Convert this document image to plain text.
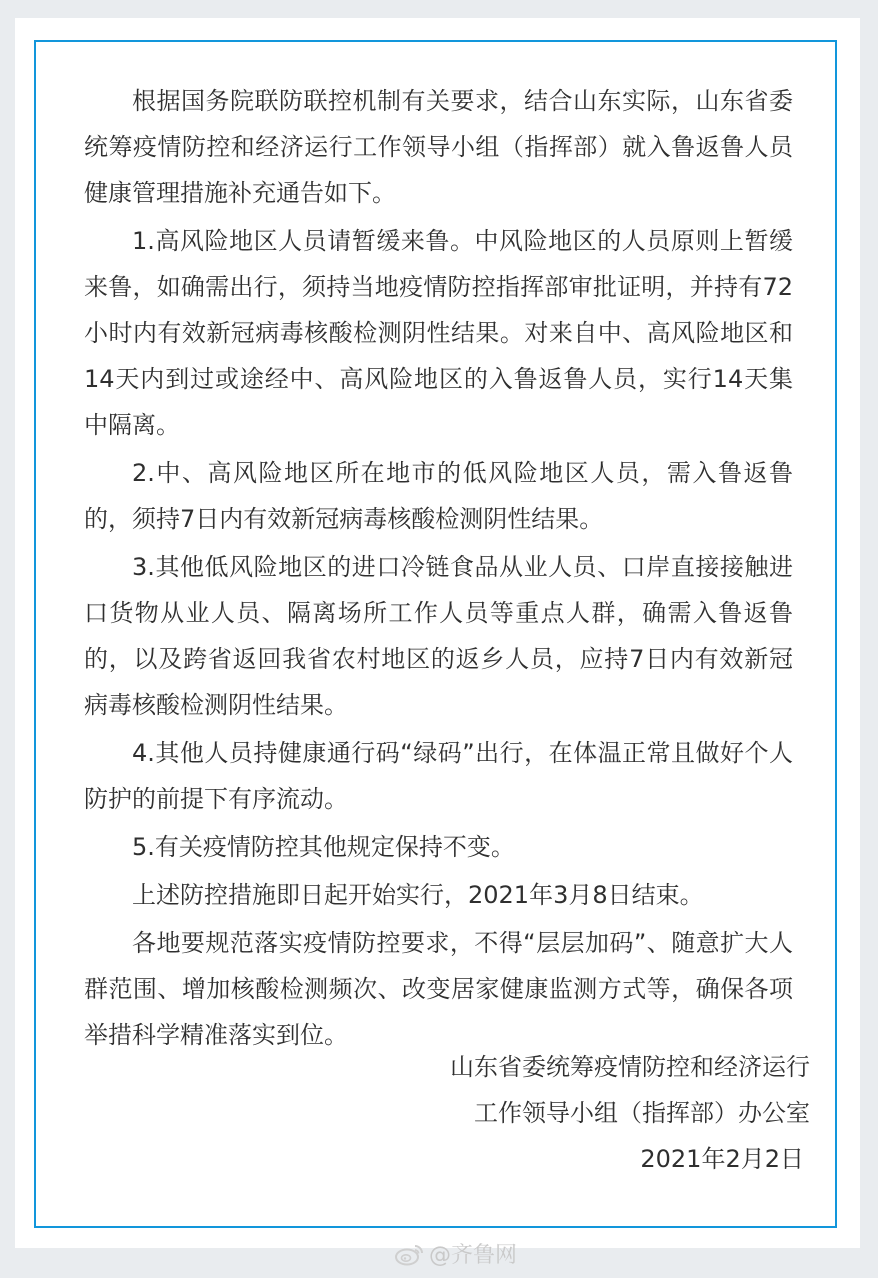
根据国务院联防联控机制有关要求，结合山东实际，山东省委统筹疫情防控和经济运行工作领导小组（指挥部）就入鲁返鲁人员健康管理措施补充通告如下。

1.高风险地区人员请暂缓来鲁。中风险地区的人员原则上暂缓来鲁，如确需出行，须持当地疫情防控指挥部审批证明，并持有72小时内有效新冠病毒核酸检测阴性结果。对来自中、高风险地区和14天内到过或途经中、高风险地区的入鲁返鲁人员，实行14天集中隔离。

2.中、高风险地区所在地市的低风险地区人员，需入鲁返鲁的，须持7日内有效新冠病毒核酸检测阴性结果。

3.其他低风险地区的进口冷链食品从业人员、口岸直接接触进口货物从业人员、隔离场所工作人员等重点人群，确需入鲁返鲁的，以及跨省返回我省农村地区的返乡人员，应持7日内有效新冠病毒核酸检测阴性结果。

4.其他人员持健康通行码“绿码”出行，在体温正常且做好个人防护的前提下有序流动。

5.有关疫情防控其他规定保持不变。

上述防控措施即日起开始实行，2021年3月8日结束。

各地要规范落实疫情防控要求，不得“层层加码”、随意扩大人群范围、增加核酸检测频次、改变居家健康监测方式等，确保各项举措科学精准落实到位。

山东省委统筹疫情防控和经济运行
工作领导小组（指挥部）办公室
2021年2月2日
@齐鲁网
